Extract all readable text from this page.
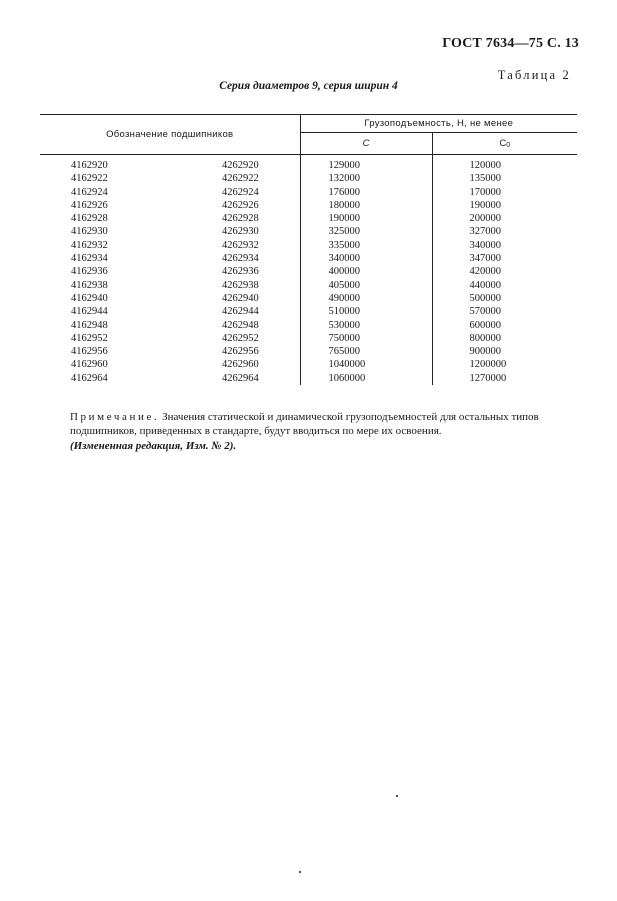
ГОСТ 7634—75 С. 13
Таблица 2
Серия диаметров 9, серия ширин 4
Обозначение подшипников		Грузоподъемность, Н, не менее	
		C	$C_0$
4162920	4262920	129000	120000
4162922	4262922	132000	135000
4162924	4262924	176000	170000
4162926	4262926	180000	190000
4162928	4262928	190000	200000
4162930	4262930	325000	327000
4162932	4262932	335000	340000
4162934	4262934	340000	347000
4162936	4262936	400000	420000
4162938	4262938	405000	440000
4162940	4262940	490000	500000
4162944	4262944	510000	570000
4162948	4262948	530000	600000
4162952	4262952	750000	800000
4162956	4262956	765000	900000
4162960	4262960	1040000	1200000
4162964	4262964	1060000	1270000
Примечание. Значения статической и динамической грузоподъемностей для остальных типов
подшипников, приведенных в стандарте, будут вводиться по мере их освоения.
(Измененная редакция, Изм. № 2).
